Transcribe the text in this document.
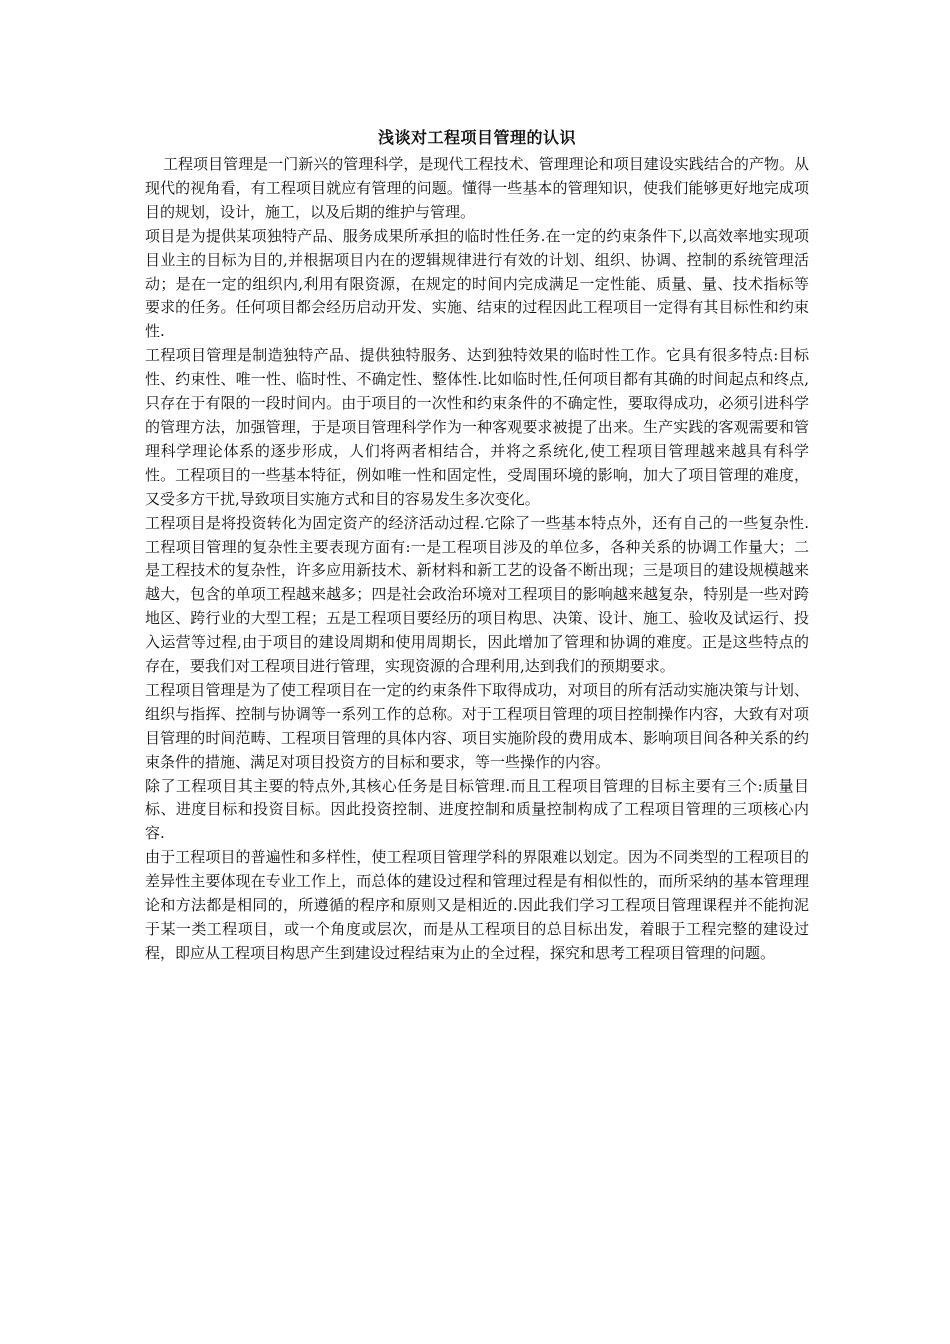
浅谈对工程项目管理的认识

工程项目管理是一门新兴的管理科学，是现代工程技术、管理理论和项目建设实践结合的产物。从现代的视角看，有工程项目就应有管理的问题。懂得一些基本的管理知识，使我们能够更好地完成项目的规划，设计，施工，以及后期的维护与管理。

项目是为提供某项独特产品、服务成果所承担的临时性任务.在一定的约束条件下,以高效率地实现项目业主的目标为目的,并根据项目内在的逻辑规律进行有效的计划、组织、协调、控制的系统管理活动；是在一定的组织内,利用有限资源，在规定的时间内完成满足一定性能、质量、量、技术指标等要求的任务。任何项目都会经历启动开发、实施、结束的过程因此工程项目一定得有其目标性和约束性.

工程项目管理是制造独特产品、提供独特服务、达到独特效果的临时性工作。它具有很多特点:目标性、约束性、唯一性、临时性、不确定性、整体性.比如临时性,任何项目都有其确的时间起点和终点,只存在于有限的一段时间内。由于项目的一次性和约束条件的不确定性，要取得成功，必须引进科学的管理方法，加强管理，于是项目管理科学作为一种客观要求被提了出来。生产实践的客观需要和管理科学理论体系的逐步形成，人们将两者相结合，并将之系统化,使工程项目管理越来越具有科学性。工程项目的一些基本特征，例如唯一性和固定性，受周围环境的影响，加大了项目管理的难度，又受多方干扰,导致项目实施方式和目的容易发生多次变化。

工程项目是将投资转化为固定资产的经济活动过程.它除了一些基本特点外，还有自己的一些复杂性.工程项目管理的复杂性主要表现方面有:一是工程项目涉及的单位多，各种关系的协调工作量大；二是工程技术的复杂性，许多应用新技术、新材料和新工艺的设备不断出现；三是项目的建设规模越来越大，包含的单项工程越来越多；四是社会政治环境对工程项目的影响越来越复杂，特别是一些对跨地区、跨行业的大型工程；五是工程项目要经历的项目构思、决策、设计、施工、验收及试运行、投入运营等过程,由于项目的建设周期和使用周期长，因此增加了管理和协调的难度。正是这些特点的存在，要我们对工程项目进行管理，实现资源的合理利用,达到我们的预期要求。

工程项目管理是为了使工程项目在一定的约束条件下取得成功，对项目的所有活动实施决策与计划、组织与指挥、控制与协调等一系列工作的总称。对于工程项目管理的项目控制操作内容，大致有对项目管理的时间范畴、工程项目管理的具体内容、项目实施阶段的费用成本、影响项目间各种关系的约束条件的措施、满足对项目投资方的目标和要求，等一些操作的内容。

除了工程项目其主要的特点外,其核心任务是目标管理.而且工程项目管理的目标主要有三个:质量目标、进度目标和投资目标。因此投资控制、进度控制和质量控制构成了工程项目管理的三项核心内容.

由于工程项目的普遍性和多样性，使工程项目管理学科的界限难以划定。因为不同类型的工程项目的差异性主要体现在专业工作上，而总体的建设过程和管理过程是有相似性的，而所采纳的基本管理理论和方法都是相同的，所遵循的程序和原则又是相近的.因此我们学习工程项目管理课程并不能拘泥于某一类工程项目，或一个角度或层次，而是从工程项目的总目标出发，着眼于工程完整的建设过程，即应从工程项目构思产生到建设过程结束为止的全过程，探究和思考工程项目管理的问题。
